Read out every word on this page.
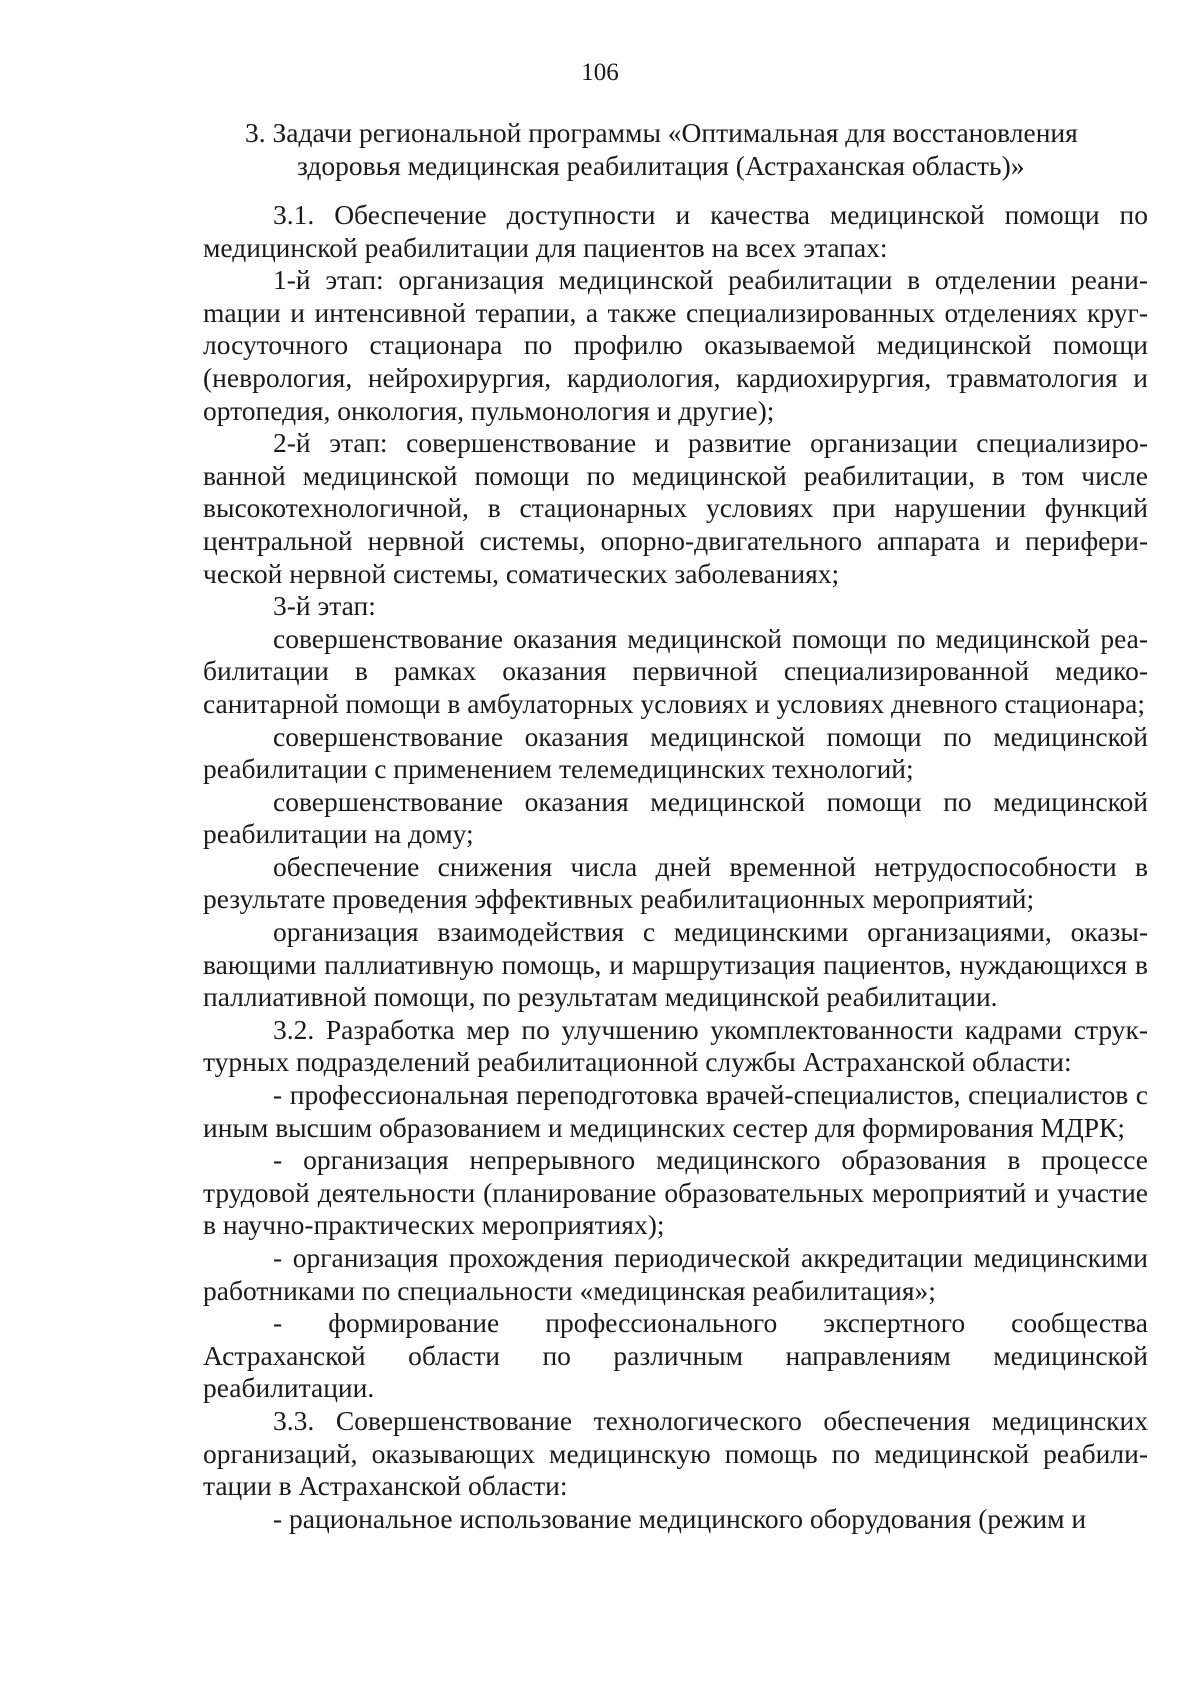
106
3. Задачи региональной программы «Оптимальная для восстановления
здоровья медицинская реабилитация (Астраханская область)»

3.1. Обеспечение доступности и качества медицинской помощи по медицинской реабилитации для пациентов на всех этапах:

1-й этап: организация медицинской реабилитации в отделении реаниmации и интенсивной терапии, а также специализированных отделениях круглосуточного стационара по профилю оказываемой медицинской помощи (неврология, нейрохирургия, кардиология, кардиохирургия, травматология и ортопедия, онкология, пульмонология и другие);

2-й этап: совершенствование и развитие организации специализированной медицинской помощи по медицинской реабилитации, в том числе высокотехнологичной, в стационарных условиях при нарушении функций центральной нервной системы, опорно-двигательного аппарата и периферической нервной системы, соматических заболеваниях;

3-й этап:

совершенствование оказания медицинской помощи по медицинской реабилитации в рамках оказания первичной специализированной медико-санитарной помощи в амбулаторных условиях и условиях дневного стационара;

совершенствование оказания медицинской помощи по медицинской реабилитации с применением телемедицинских технологий;

совершенствование оказания медицинской помощи по медицинской реабилитации на дому;

обеспечение снижения числа дней временной нетрудоспособности в результате проведения эффективных реабилитационных мероприятий;

организация взаимодействия с медицинскими организациями, оказывающими паллиативную помощь, и маршрутизация пациентов, нуждающихся в паллиативной помощи, по результатам медицинской реабилитации.

3.2. Разработка мер по улучшению укомплектованности кадрами структурных подразделений реабилитационной службы Астраханской области:

- профессиональная переподготовка врачей-специалистов, специалистов с иным высшим образованием и медицинских сестер для формирования МДРК;

- организация непрерывного медицинского образования в процессе трудовой деятельности (планирование образовательных мероприятий и участие в научно-практических мероприятиях);

- организация прохождения периодической аккредитации медицинскими работниками по специальности «медицинская реабилитация»;

- формирование профессионального экспертного сообщества Астраханской области по различным направлениям медицинской реабилитации.

3.3. Совершенствование технологического обеспечения медицинских организаций, оказывающих медицинскую помощь по медицинской реабилитации в Астраханской области:

- рациональное использование медицинского оборудования (режим и
